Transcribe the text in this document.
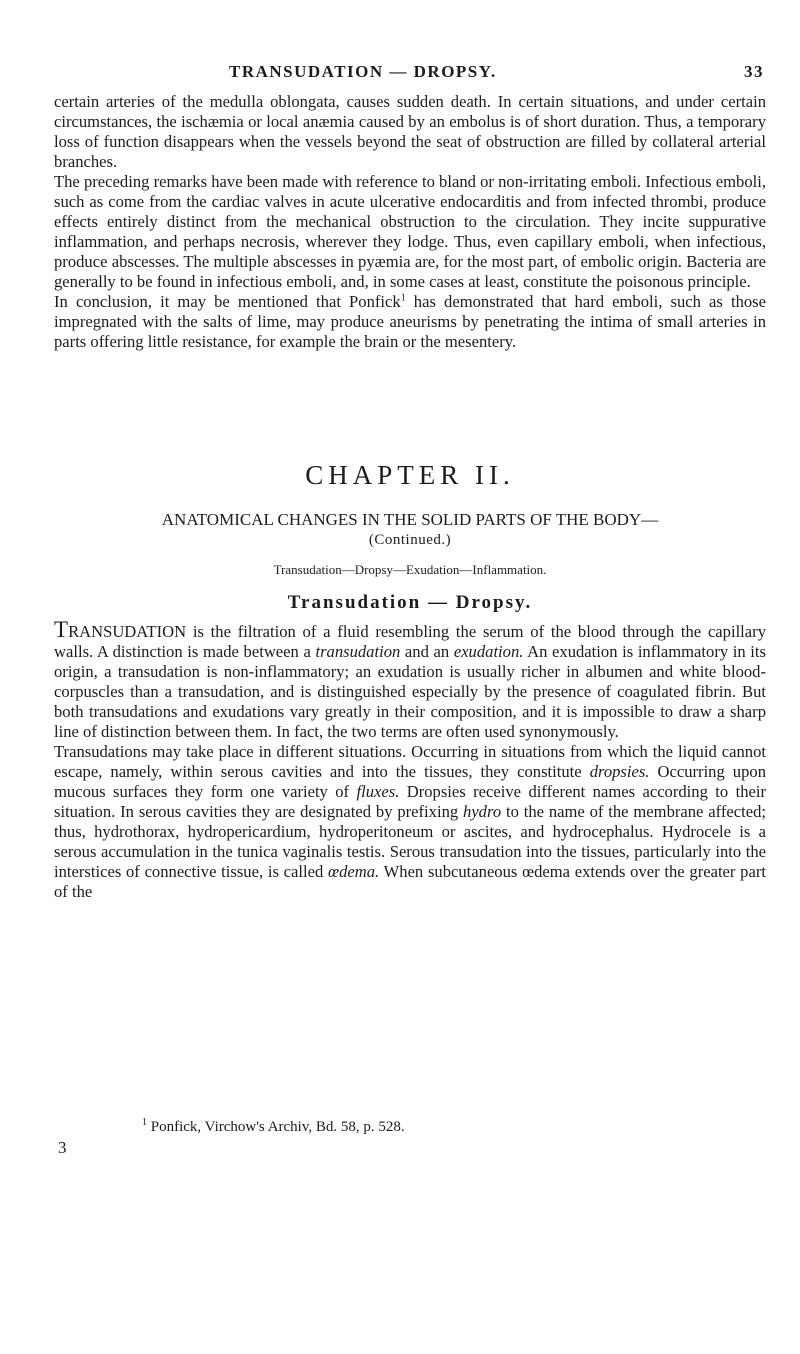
TRANSUDATION — DROPSY.	33

certain arteries of the medulla oblongata, causes sudden death. In certain situations, and under certain circumstances, the ischæmia or local anæmia caused by an embolus is of short duration. Thus, a temporary loss of function disappears when the vessels beyond the seat of obstruction are filled by collateral arterial branches.

The preceding remarks have been made with reference to bland or non-irritating emboli. Infectious emboli, such as come from the cardiac valves in acute ulcerative endocarditis and from infected thrombi, produce effects entirely distinct from the mechanical obstruction to the circulation. They incite suppurative inflammation, and perhaps necrosis, wherever they lodge. Thus, even capillary emboli, when infectious, produce abscesses. The multiple abscesses in pyæmia are, for the most part, of embolic origin. Bacteria are generally to be found in infectious emboli, and, in some cases at least, constitute the poisonous principle.

In conclusion, it may be mentioned that Ponfick$^1$ has demonstrated that hard emboli, such as those impregnated with the salts of lime, may produce aneurisms by penetrating the intima of small arteries in parts offering little resistance, for example the brain or the mesentery.

CHAPTER II.
ANATOMICAL CHANGES IN THE SOLID PARTS OF THE BODY—
(Continued.)
Transudation—Dropsy—Exudation—Inflammation.
Transudation — Dropsy.

TRANSUDATION is the filtration of a fluid resembling the serum of the blood through the capillary walls. A distinction is made between a transudation and an exudation. An exudation is inflammatory in its origin, a transudation is non-inflammatory; an exudation is usually richer in albumen and white blood-corpuscles than a transudation, and is distinguished especially by the presence of coagulated fibrin. But both transudations and exudations vary greatly in their composition, and it is impossible to draw a sharp line of distinction between them. In fact, the two terms are often used synonymously.

Transudations may take place in different situations. Occurring in situations from which the liquid cannot escape, namely, within serous cavities and into the tissues, they constitute dropsies. Occurring upon mucous surfaces they form one variety of fluxes. Dropsies receive different names according to their situation. In serous cavities they are designated by prefixing hydro to the name of the membrane affected; thus, hydrothorax, hydropericardium, hydroperitoneum or ascites, and hydrocephalus. Hydrocele is a serous accumulation in the tunica vaginalis testis. Serous transudation into the tissues, particularly into the interstices of connective tissue, is called œdema. When subcutaneous œdema extends over the greater part of the

$^1$ Ponfick, Virchow's Archiv, Bd. 58, p. 528.
3
